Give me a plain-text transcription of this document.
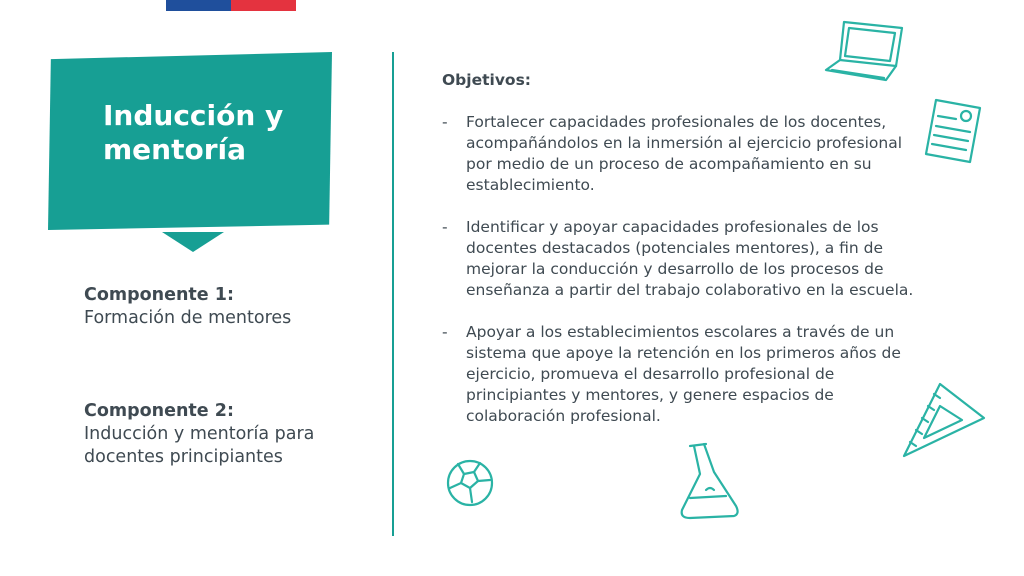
Inducción y mentoría
Componente 1:
Formación de mentores
Componente 2:
Inducción y mentoría para docentes principiantes
Objetivos:
- Fortalecer capacidades profesionales de los docentes, acompañándolos en la inmersión al ejercicio profesional por medio de un proceso de acompañamiento en su establecimiento.
- Identificar y apoyar capacidades profesionales de los docentes destacados (potenciales mentores), a fin de mejorar la conducción y desarrollo de los procesos de enseñanza a partir del trabajo colaborativo en la escuela.
- Apoyar a los establecimientos escolares a través de un sistema que apoye la retención en los primeros años de ejercicio, promueva el desarrollo profesional de principiantes y mentores, y genere espacios de colaboración profesional.
